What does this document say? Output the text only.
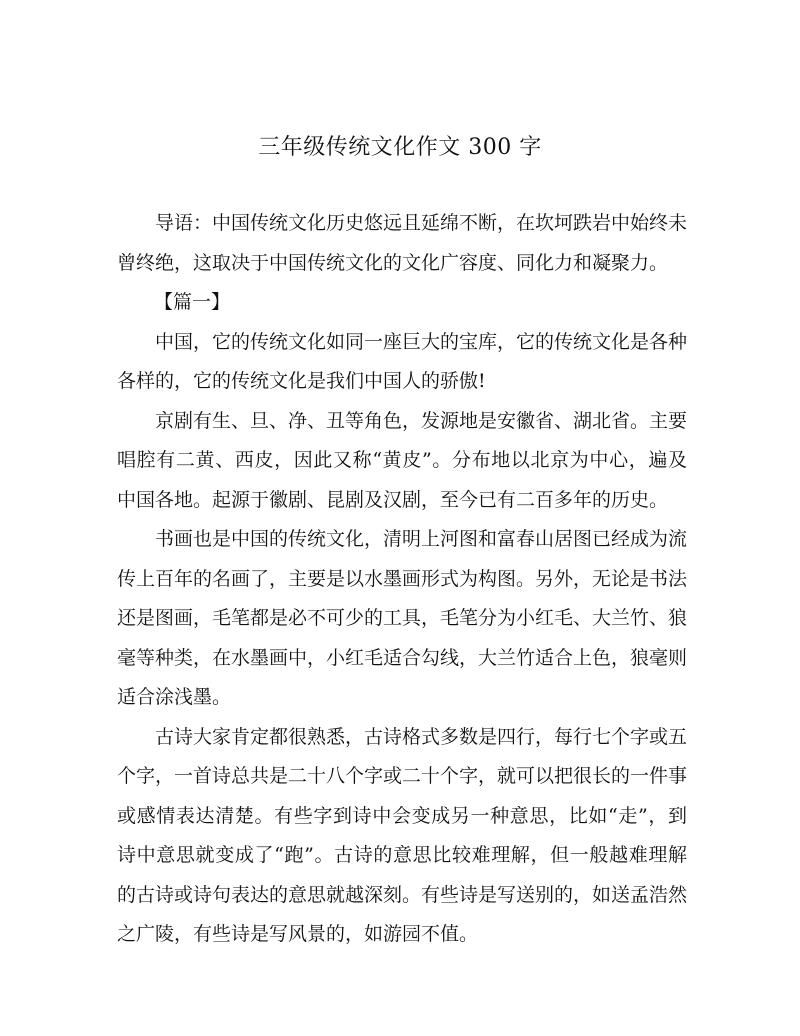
三年级传统文化作文 300 字

导语：中国传统文化历史悠远且延绵不断，在坎坷跌岩中始终未曾终绝，这取决于中国传统文化的文化广容度、同化力和凝聚力。

【篇一】

中国，它的传统文化如同一座巨大的宝库，它的传统文化是各种各样的，它的传统文化是我们中国人的骄傲!

京剧有生、旦、净、丑等角色，发源地是安徽省、湖北省。主要唱腔有二黄、西皮，因此又称“黄皮”。分布地以北京为中心，遍及中国各地。起源于徽剧、昆剧及汉剧，至今已有二百多年的历史。

书画也是中国的传统文化，清明上河图和富春山居图已经成为流传上百年的名画了，主要是以水墨画形式为构图。另外，无论是书法还是图画，毛笔都是必不可少的工具，毛笔分为小红毛、大兰竹、狼毫等种类，在水墨画中，小红毛适合勾线，大兰竹适合上色，狼毫则适合涂浅墨。

古诗大家肯定都很熟悉，古诗格式多数是四行，每行七个字或五个字，一首诗总共是二十八个字或二十个字，就可以把很长的一件事或感情表达清楚。有些字到诗中会变成另一种意思，比如“走”，到诗中意思就变成了“跑”。古诗的意思比较难理解，但一般越难理解的古诗或诗句表达的意思就越深刻。有些诗是写送别的，如送孟浩然之广陵，有些诗是写风景的，如游园不值。
